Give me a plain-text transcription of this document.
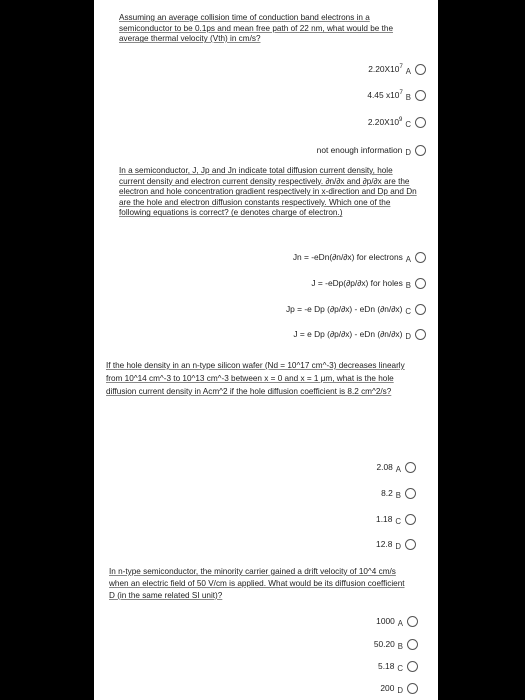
Assuming an average collision time of conduction band electrons in a semiconductor to be 0.1ps and mean free path of 22 nm, what would be the average thermal velocity (Vth) in cm/s?

$2.20X10^7$ A
4.45 $x10^7$ B
$2.20X10^9$ C
not enough information D

In a semiconductor, J, Jp and Jn indicate total diffusion current density, hole current density and electron current density respectively. ∂n/∂x and ∂p/∂x are the electron and hole concentration gradient respectively in x-direction and Dp and Dn are the hole and electron diffusion constants respectively. Which one of the following equations is correct? (e denotes charge of electron.)

Jn = -eDn(∂n/∂x) for electrons A
J = -eDp(∂p/∂x) for holes B
Jp = -e Dp (∂p/∂x) - eDn (∂n/∂x) C
J = e Dp (∂p/∂x) - eDn (∂n/∂x) D

If the hole density in an n-type silicon wafer (Nd = 10^17 cm^-3) decreases linearly from 10^14 cm^-3 to 10^13 cm^-3 between x = 0 and x = 1 μm, what is the hole diffusion current density in Acm^2 if the hole diffusion coefficient is 8.2 cm^2/s?

2.08 A
8.2 B
1.18 C
12.8 D

In n-type semiconductor, the minority carrier gained a drift velocity of 10^4 cm/s when an electric field of 50 V/cm is applied. What would be its diffusion coefficient D (in the same related SI unit)?

1000 A
50.20 B
5.18 C
200 D
